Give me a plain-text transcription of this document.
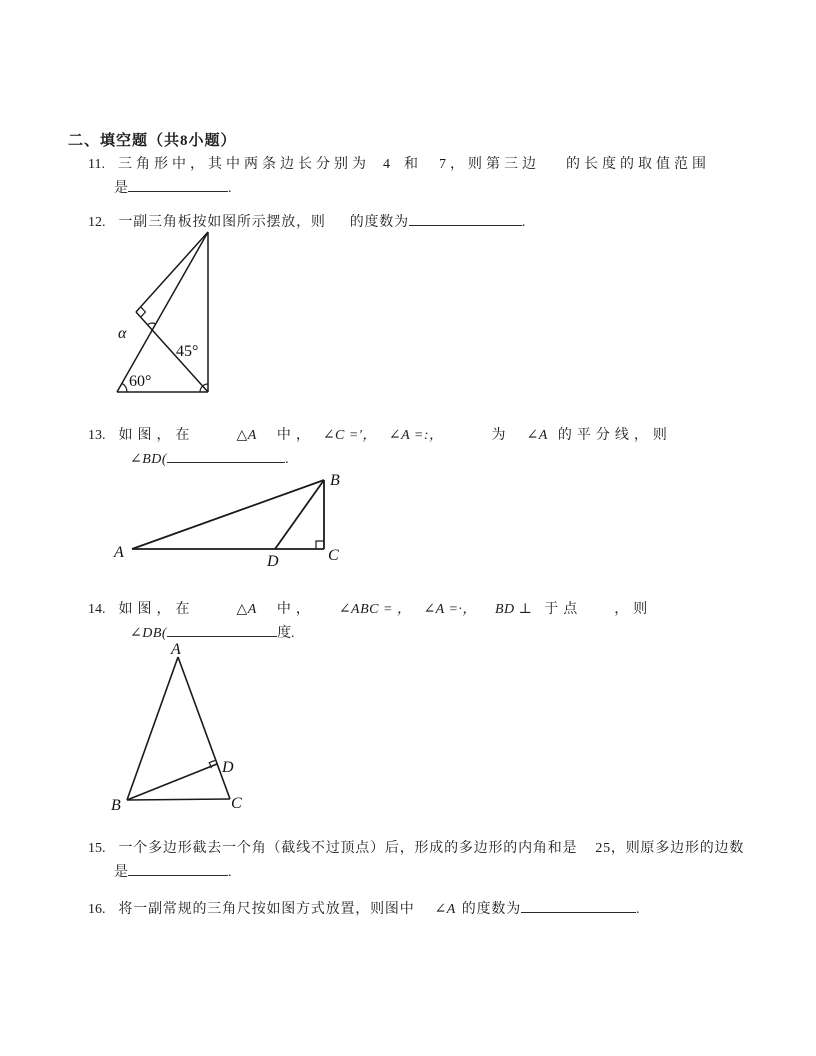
二、填空题（共8小题）
11. 三角形中，其中两条边长分别为 4 和 7 ，则第三边 的长度的取值范围
是	.
12. 一副三角板按如图所示摆放，则 的度数为	.
α
45°
60°
13. 如图，在	△A 中， ∠C =′， ∠A =:，	为 ∠A 的平分线，则
∠BD(	.
A
B
C
D
14. 如图，在	△A 中， ∠ABC = ， ∠A =·， BD ⊥ 于点 ，则
∠DB(	度.
A
B	C
D
15. 一个多边形截去一个角（截线不过顶点）后，形成的多边形的内角和是 25 ，则原多边形的边数
是	.
16. 将一副常规的三角尺按如图方式放置，则图中 ∠A 的度数为	.
